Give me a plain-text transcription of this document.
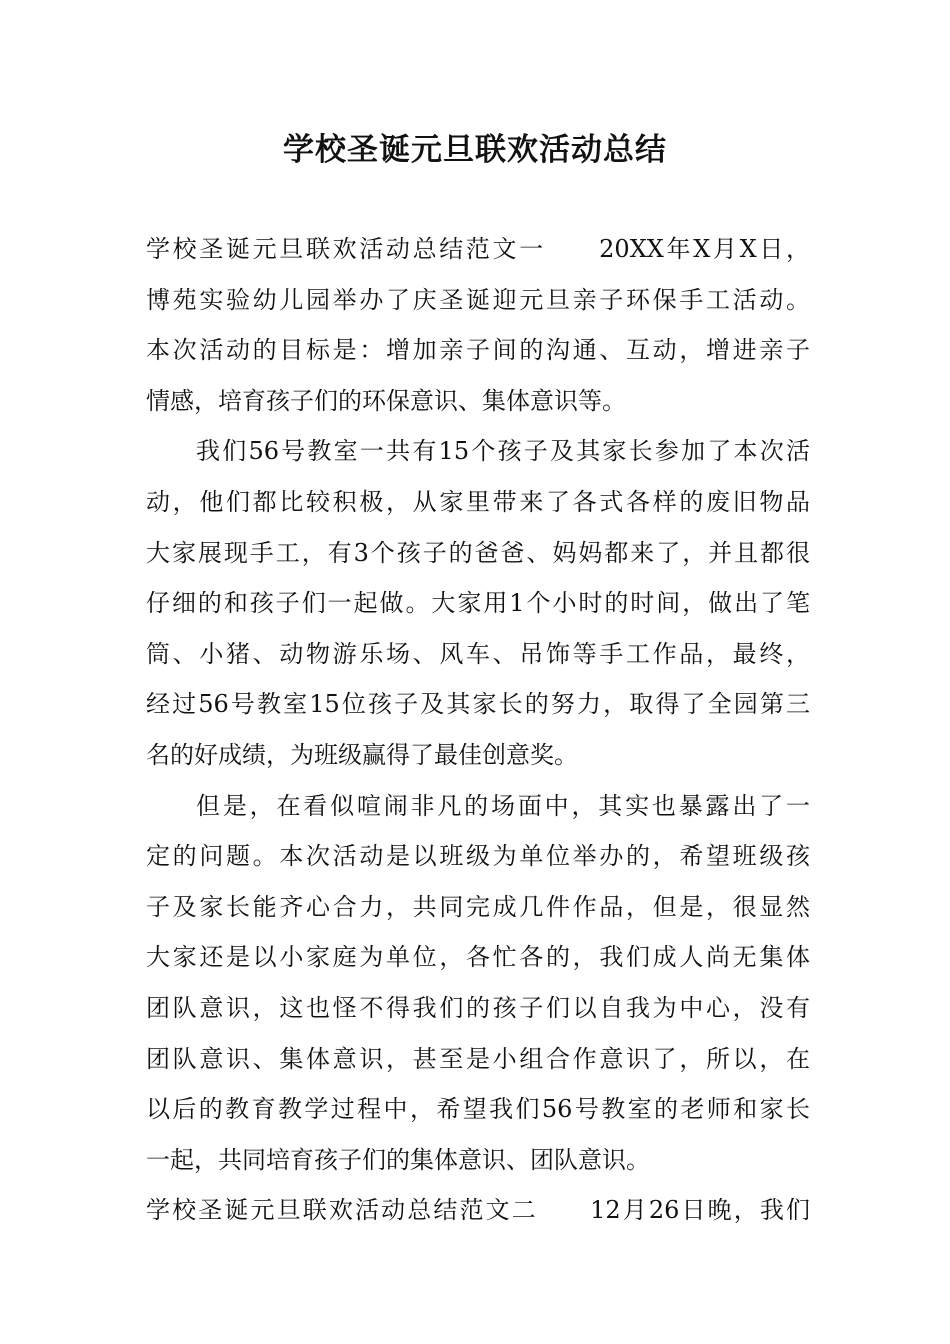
学校圣诞元旦联欢活动总结
学校圣诞元旦联欢活动总结范文一　　20XX年X月X日，
博苑实验幼儿园举办了庆圣诞迎元旦亲子环保手工活动。
本次活动的目标是：增加亲子间的沟通、互动，增进亲子
情感，培育孩子们的环保意识、集体意识等。
我们56号教室一共有15个孩子及其家长参加了本次活
动，他们都比较积极，从家里带来了各式各样的废旧物品
大家展现手工，有3个孩子的爸爸、妈妈都来了，并且都很
仔细的和孩子们一起做。大家用1个小时的时间，做出了笔
筒、小猪、动物游乐场、风车、吊饰等手工作品，最终，
经过56号教室15位孩子及其家长的努力，取得了全园第三
名的好成绩，为班级赢得了最佳创意奖。
但是，在看似喧闹非凡的场面中，其实也暴露出了一
定的问题。本次活动是以班级为单位举办的，希望班级孩
子及家长能齐心合力，共同完成几件作品，但是，很显然
大家还是以小家庭为单位，各忙各的，我们成人尚无集体
团队意识，这也怪不得我们的孩子们以自我为中心，没有
团队意识、集体意识，甚至是小组合作意识了，所以，在
以后的教育教学过程中，希望我们56号教室的老师和家长
一起，共同培育孩子们的集体意识、团队意识。
学校圣诞元旦联欢活动总结范文二　　12月26日晚，我们
